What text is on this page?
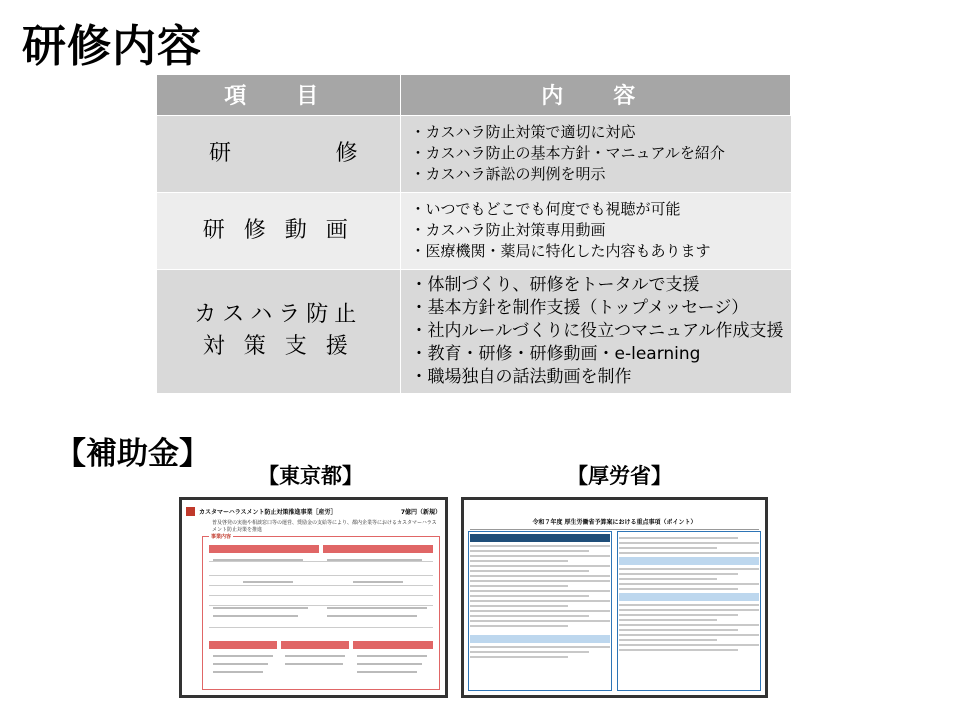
研修内容
項　目	内　容

研 修	・カスハラ防止対策で適切に対応
・カスハラ防止の基本方針・マニュアルを紹介
・カスハラ訴訟の判例を明示

研 修 動 画	・いつでもどこでも何度でも視聴が可能
・カスハラ防止対策専用動画
・医療機関・薬局に特化した内容もあります

カスハラ防止
対 策 支 援	・体制づくり、研修をトータルで支援
・基本方針を制作支援（トップメッセージ）
・社内ルールづくりに役立つマニュアル作成支援
・教育・研修・研修動画・e-learning
・職場独自の話法動画を制作
【補助金】
【東京都】	【厚労省】
カスタマーハラスメント防止対策推進事業［産労］	7億円（新規）
普及啓発の実施や相談窓口等の運営、奨励金の支給等により、都内企業等におけるカスタマーハラスメント防止対策を推進
事業内容
令和７年度 厚生労働省予算案における重点事項（ポイント）
